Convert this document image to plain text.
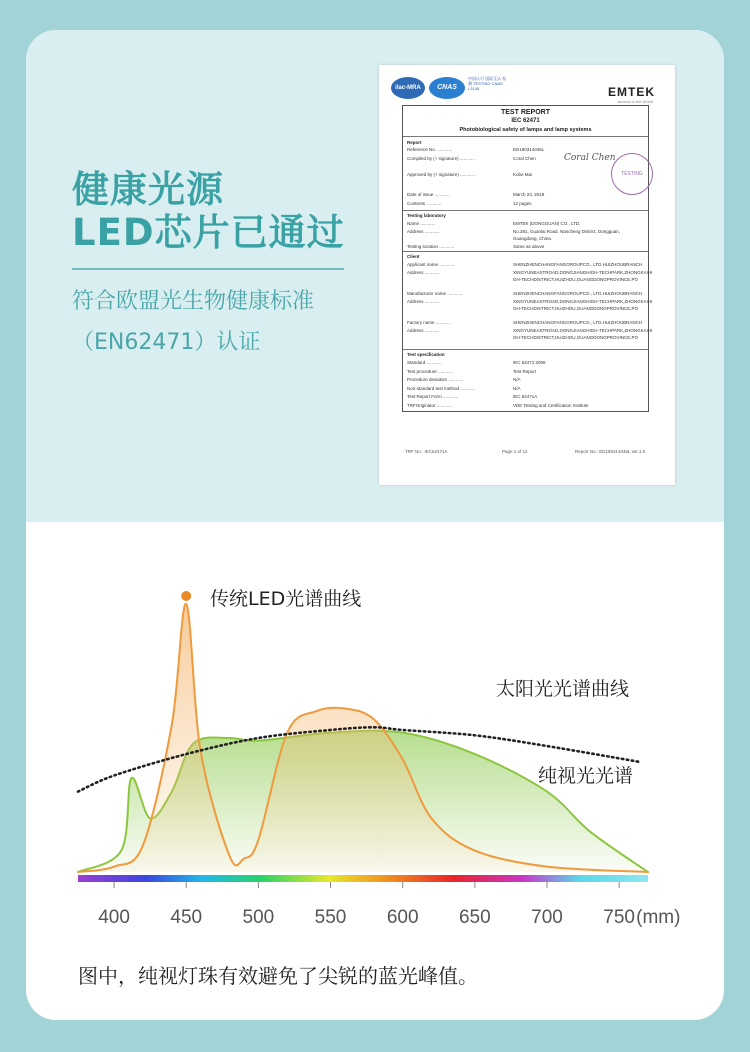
健康光源
LED芯片已通过
符合欧盟光生物健康标准
（EN62471）认证
ilac-MRA	CNAS
中国认可 国际互认 检测 TESTING CNAS L3146	EMTEK
Access to the World
TEST REPORT
IEC 62471
Photobiological safety of lamps and lamp systems
Report
Reference No. ............	ED180314046L
Compiled by (+ signature) ............	Coral Chen
Approved by (+ signature) ............	Kobe Mai
Date of issue ............	March 23, 2018
Contents ............	12 pages
Testing laboratory
Name ............	EMTEK (DONGGUAN) CO., LTD.
Address ............	No.281, Guanlai Road, Nancheng District, Dongguan,
Guangdong, China.
Testing location ............	Same as above
Client
Applicant name ............	SHENZHENCHANGFANGGROUPCO., LTD.HUIZHOUBRANCH
Address ............	XINGYUNEASTROAD,DONGJIANGHIGH-TECHPARK,ZHONGKAIHI
GH-TECHDISTRICT,HUIZHOU,GUANGDONGPROVINCE,PO
Manufacturer name ............	SHENZHENCHANGFANGGROUPCO., LTD.HUIZHOUBRANCH
Address ............	XINGYUNEASTROAD,DONGJIANGHIGH-TECHPARK,ZHONGKAIHI
GH-TECHDISTRICT,HUIZHOU,GUANGDONGPROVINCE,PO
Factory name ............	SHENZHENCHANGFANGGROUPCO., LTD.HUIZHOUBRANCH
Address ............	XINGYUNEASTROAD,DONGJIANGHIGH-TECHPARK,ZHONGKAIHI
GH-TECHDISTRICT,HUIZHOU,GUANGDONGPROVINCE,PO
Test specification
Standard ............	IEC 62471:2006
Test procedure ............	Test Report
Procedure deviation ............	N/A
Non-standard test method ............	N/A
Test Report Form ............	IEC 62471A
TRFOriginator ............	VDE Testing and Certification Institute
Coral Chen
TESTING
TRF No.: IEC62471A	Page 1 of 12	Report No.: ED180314046L ver.1.0
400 450 500 550 600 650 700 750 (mm)
传统LED光谱曲线
太阳光光谱曲线
纯视光光谱
图中，纯视灯珠有效避免了尖锐的蓝光峰值。
